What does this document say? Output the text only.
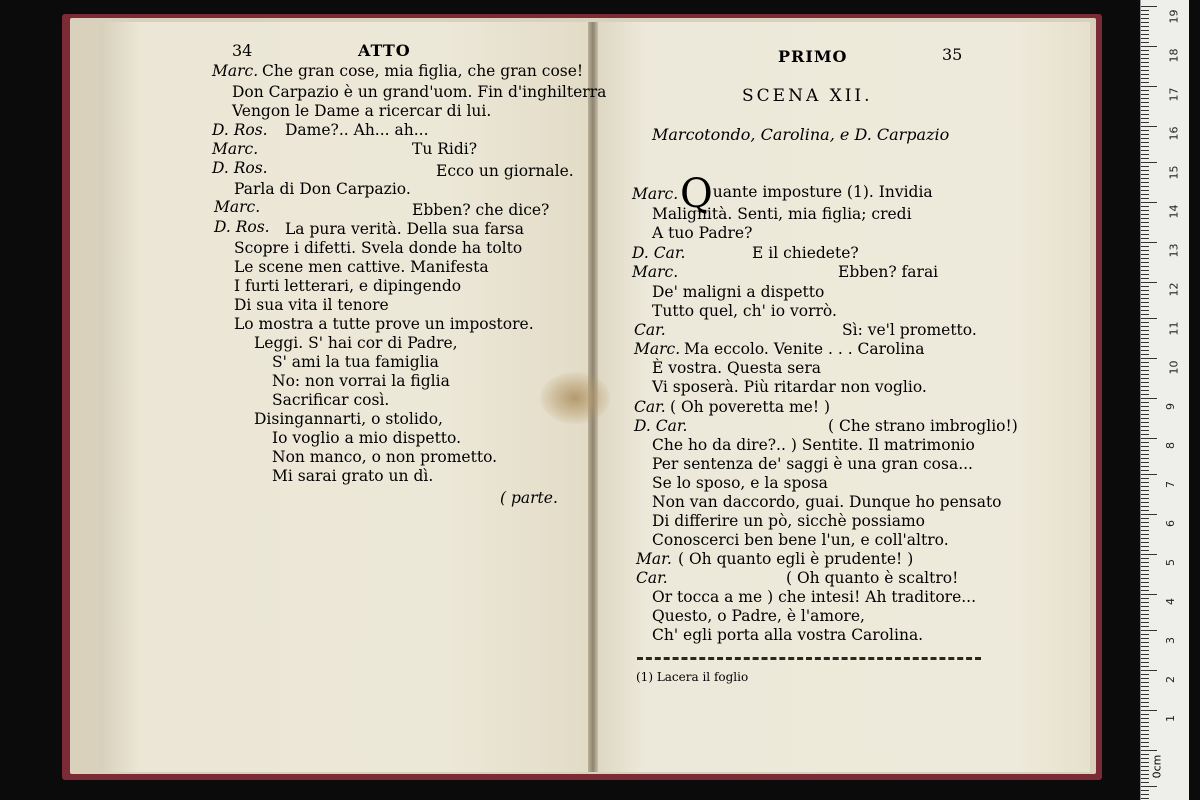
34	ATTO
Marc. Che gran cose, mia figlia, che gran cose!
Don Carpazio è un grand'uom. Fin d'inghilterra
Vengon le Dame a ricercar di lui.
D. Ros. Dame?.. Ah... ah...
Marc.	Tu Ridi?
D. Ros.	Ecco un giornale.
Parla di Don Carpazio.
Marc.	Ebben? che dice?
D. Ros. La pura verità. Della sua farsa
Scopre i difetti. Svela donde ha tolto
Le scene men cattive. Manifesta
I furti letterari, e dipingendo
Di sua vita il tenore
Lo mostra a tutte prove un impostore.
Leggi. S' hai cor di Padre,
S' ami la tua famiglia
No: non vorrai la figlia
Sacrificar così.
Disingannarti, o stolido,
Io voglio a mio dispetto.
Non manco, o non prometto.
Mi sarai grato un dì.
( parte.
PRIMO	35
SCENA XII.
Marcotondo, Carolina, e D. Carpazio
Marc. Quante imposture (1). Invidia
Malignità. Senti, mia figlia; credi
A tuo Padre?
D. Car.	E il chiedete?
Marc.	Ebben? farai
De' maligni a dispetto
Tutto quel, ch' io vorrò.
Car.	Sì: ve'l prometto.
Marc. Ma eccolo. Venite . . . Carolina
È vostra. Questa sera
Vi sposerà. Più ritardar non voglio.
Car. ( Oh poveretta me! )
D. Car.	( Che strano imbroglio!)
Che ho da dire?.. ) Sentite. Il matrimonio
Per sentenza de' saggi è una gran cosa...
Se lo sposo, e la sposa
Non van daccordo, guai. Dunque ho pensato
Di differire un pò, sicchè possiamo
Conoscerci ben bene l'un, e coll'altro.
Mar. ( Oh quanto egli è prudente! )
Car.	( Oh quanto è scaltro!
Or tocca a me ) che intesi! Ah traditore...
Questo, o Padre, è l'amore,
Ch' egli porta alla vostra Carolina.
(1) Lacera il foglio
19
18
17
16
15
14
13
12
11
10
9
8
7
6
5
4
3
2
1
0cm
